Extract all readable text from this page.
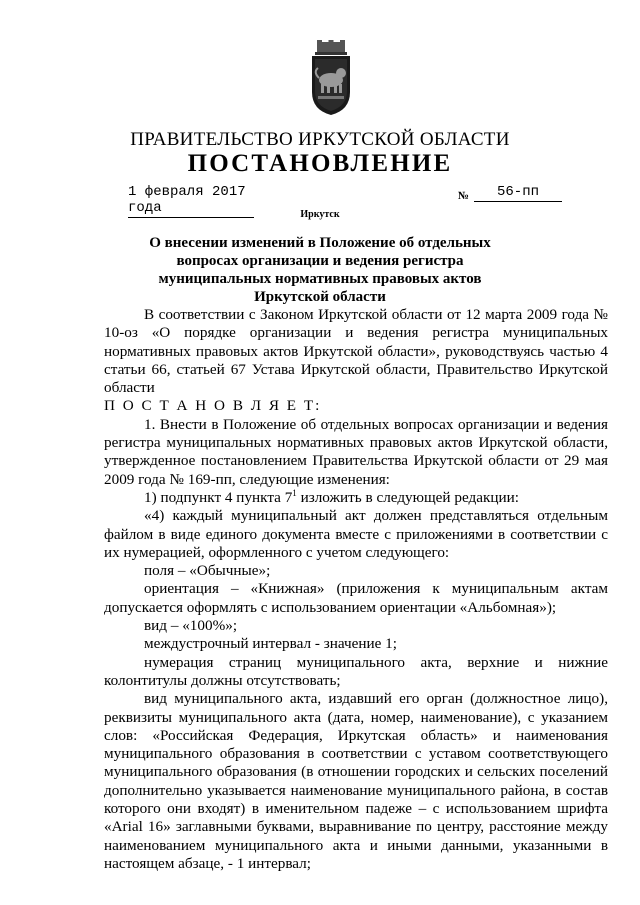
ПРАВИТЕЛЬСТВО ИРКУТСКОЙ ОБЛАСТИ
ПОСТАНОВЛЕНИЕ
1 февраля 2017 года
№	56-пп
Иркутск
О внесении изменений в Положение об отдельных вопросах организации и ведения регистра муниципальных нормативных правовых актов Иркутской области

В соответствии с Законом Иркутской области от 12 марта 2009 года № 10-оз «О порядке организации и ведения регистра муниципальных нормативных правовых актов Иркутской области», руководствуясь частью 4 статьи 66, статьей 67 Устава Иркутской области, Правительство Иркутской области

П О С Т А Н О В Л Я Е Т:

1. Внести в Положение об отдельных вопросах организации и ведения регистра муниципальных нормативных правовых актов Иркутской области, утвержденное постановлением Правительства Иркутской области от 29 мая 2009 года № 169-пп, следующие изменения:

1) подпункт 4 пункта $7^1$ изложить в следующей редакции:

«4) каждый муниципальный акт должен представляться отдельным файлом в виде единого документа вместе с приложениями в соответствии с их нумерацией, оформленного с учетом следующего:

поля – «Обычные»;

ориентация – «Книжная» (приложения к муниципальным актам допускается оформлять с использованием ориентации «Альбомная»);

вид – «100%»;

междустрочный интервал - значение 1;

нумерация страниц муниципального акта, верхние и нижние колонтитулы должны отсутствовать;

вид муниципального акта, издавший его орган (должностное лицо), реквизиты муниципального акта (дата, номер, наименование), с указанием слов: «Российская Федерация, Иркутская область» и наименования муниципального образования в соответствии с уставом соответствующего муниципального образования (в отношении городских и сельских поселений дополнительно указывается наименование муниципального района, в состав которого они входят) в именительном падеже – с использованием шрифта «Arial 16» заглавными буквами, выравнивание по центру, расстояние между наименованием муниципального акта и иными данными, указанными в настоящем абзаце, - 1 интервал;
